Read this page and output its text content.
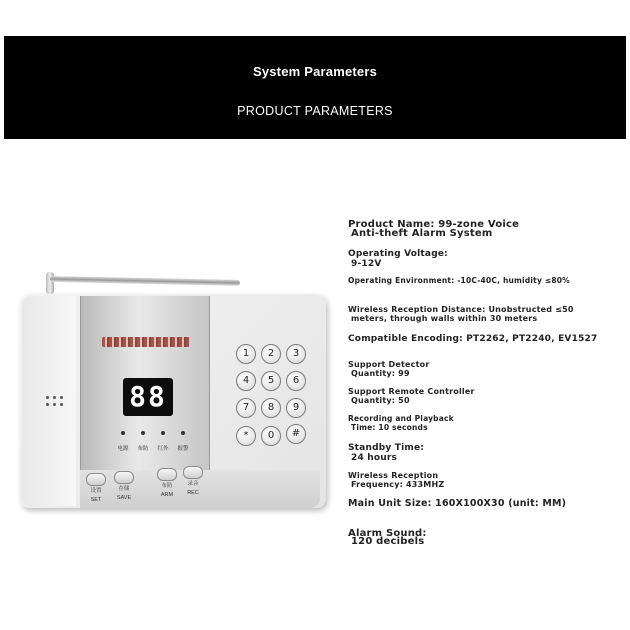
System Parameters
PRODUCT PARAMETERS
88
电源	布防	红外	报警
设置
SET
存储
SAVE
布防
ARM
录音
REC
1	2	3
4	5	6
7	8	9
*	0	#
Product Name: 99-zone Voice
Anti-theft Alarm System
Operating Voltage:
9-12V
Operating Environment: -10C-40C, humidity ≤80%
Wireless Reception Distance: Unobstructed ≤50
meters, through walls within 30 meters
Compatible Encoding: PT2262, PT2240, EV1527
Support Detector
Quantity: 99
Support Remote Controller
Quantity: 50
Recording and Playback
Time: 10 seconds
Standby Time:
24 hours
Wireless Reception
Frequency: 433MHZ
Main Unit Size: 160X100X30 (unit: MM)
Alarm Sound:
120 decibels
